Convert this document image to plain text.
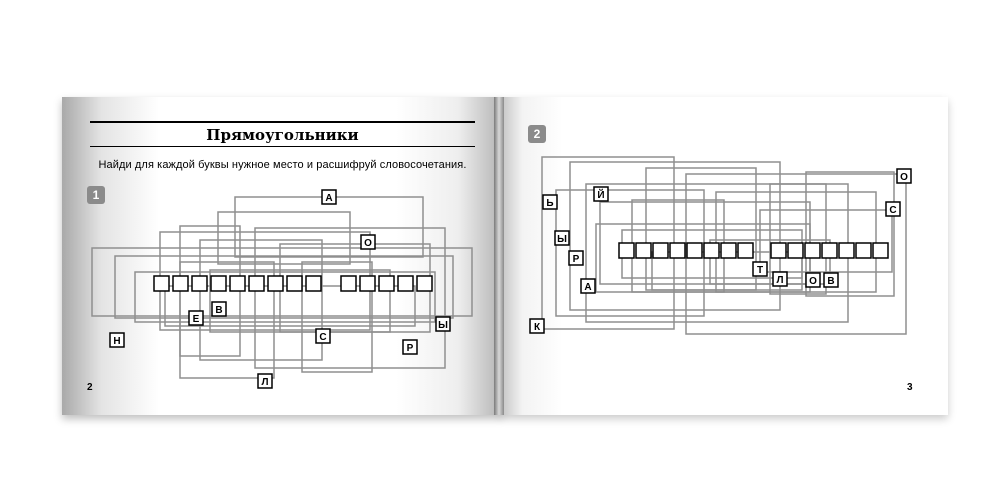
Прямоугольники
Найди для каждой буквы нужное место и расшифруй словосочетания.
1
2
2	3
А
О
Е
В
С
Ы
Н
Р
Л
О
Ь
Й
С
Ы
Р
А
Т
Л	О В
К
